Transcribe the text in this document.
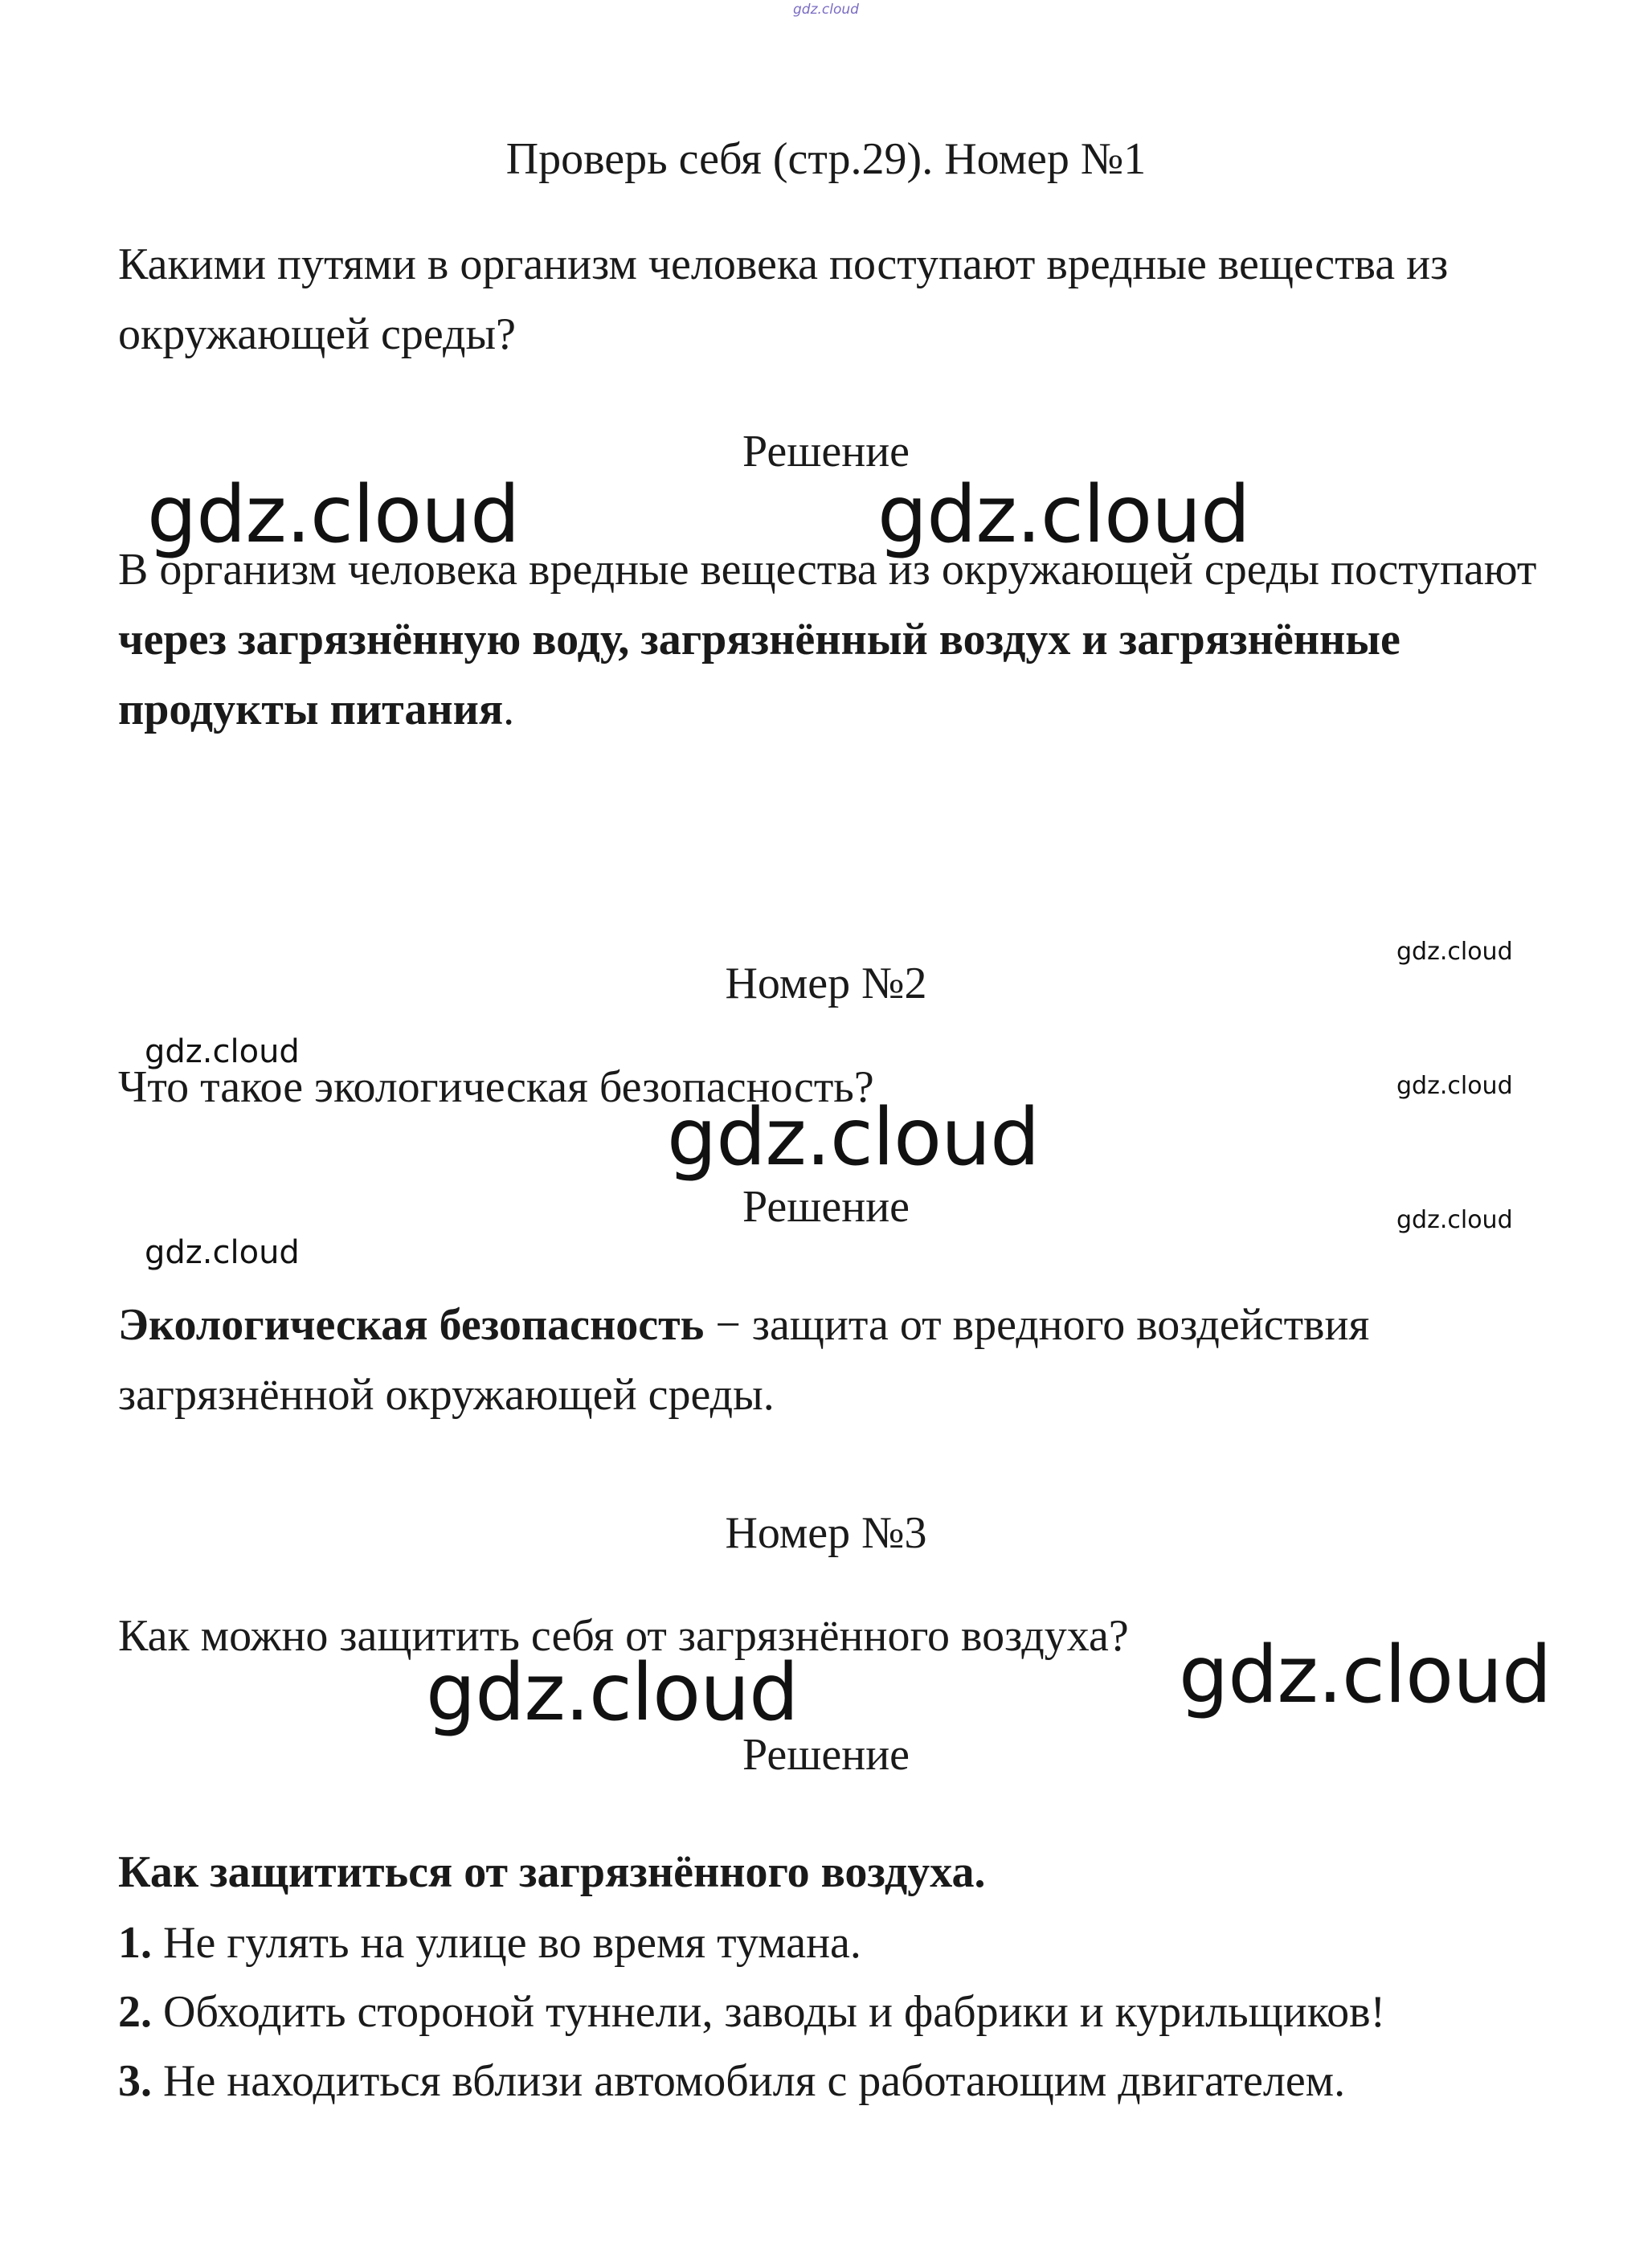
gdz.cloud
Проверь себя (стр.29). Номер №1
Какими путями в организм человека поступают вредные вещества из окружающей среды?
Решение
В организм человека вредные вещества из окружающей среды поступают через загрязнённую воду, загрязнённый воздух и загрязнённые продукты питания.
Номер №2
Что такое экологическая безопасность?
Решение
Экологическая безопасность − защита от вредного воздействия загрязнённой окружающей среды.
Номер №3
Как можно защитить себя от загрязнённого воздуха?
Решение
Как защититься от загрязнённого воздуха.
1. Не гулять на улице во время тумана.
2. Обходить стороной туннели, заводы и фабрики и курильщиков!
3. Не находиться вблизи автомобиля с работающим двигателем.
gdz.cloud	gdz.cloud
gdz.cloud
gdz.cloud	gdz.cloud
gdz.cloud
gdz.cloud
gdz.cloud
gdz.cloud
gdz.cloud
